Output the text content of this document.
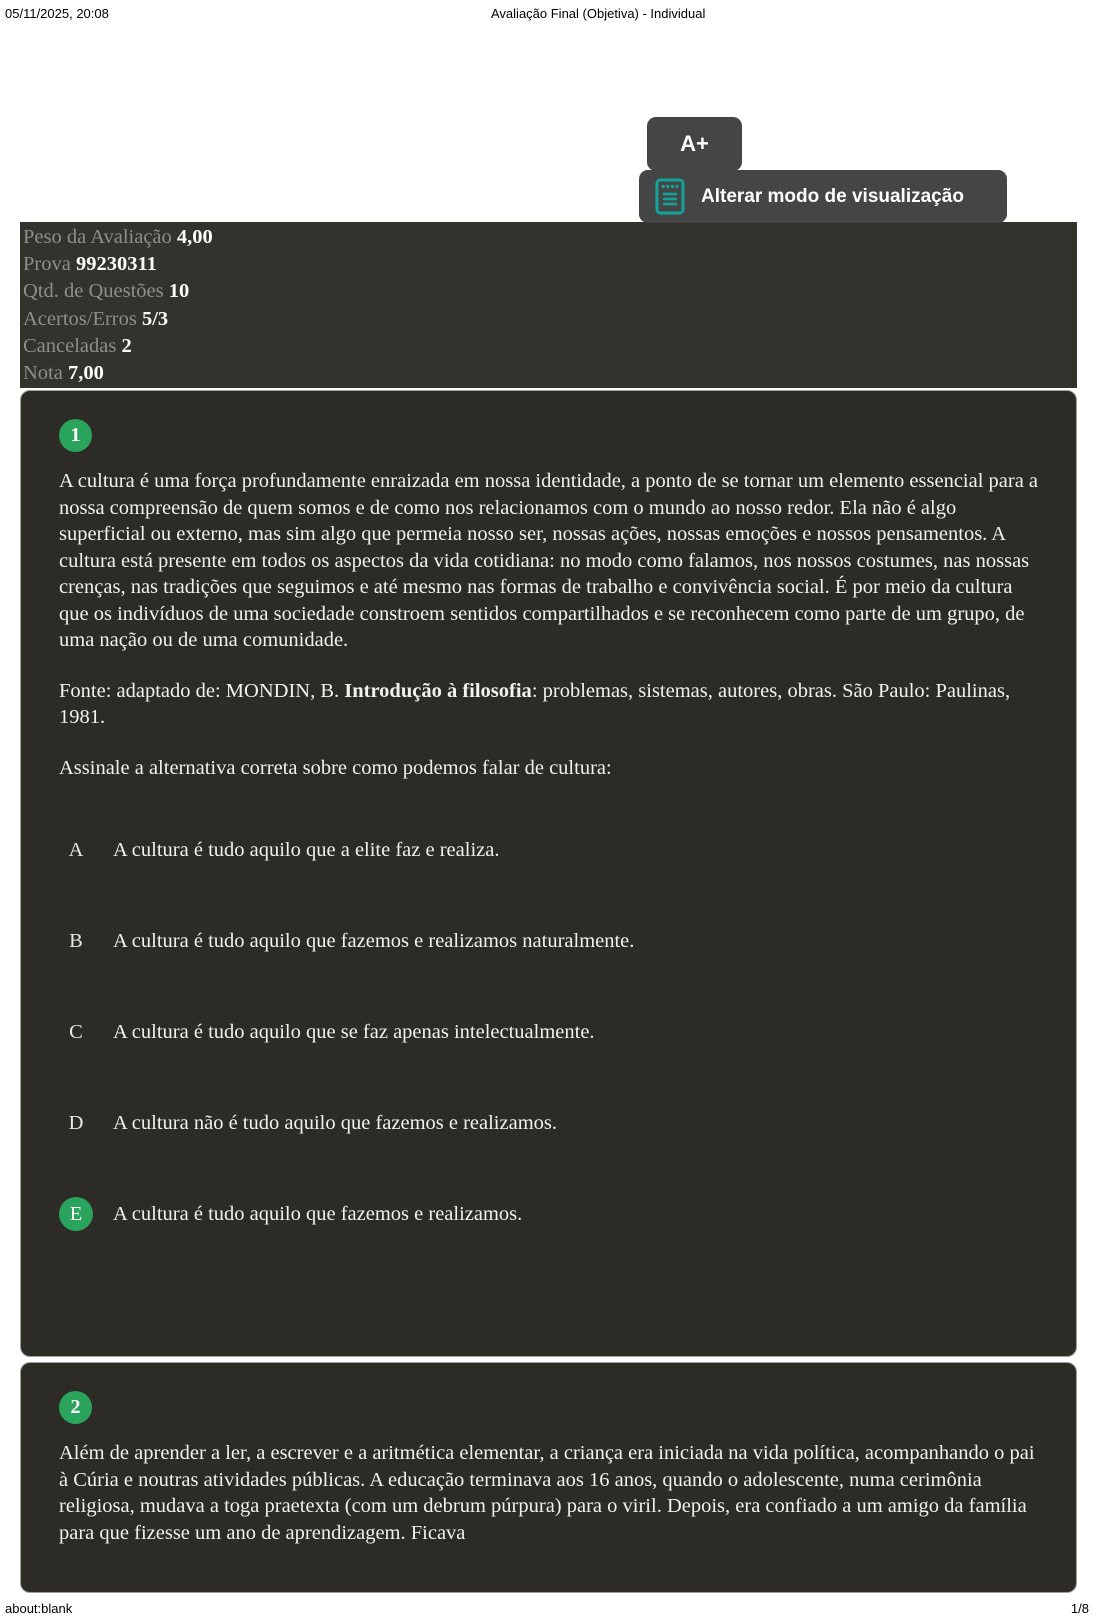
05/11/2025, 20:08	Avaliação Final (Objetiva) - Individual
A+
Alterar modo de visualização
Peso da Avaliação 4,00
Prova 99230311
Qtd. de Questões 10
Acertos/Erros 5/3
Canceladas 2
Nota 7,00
1

A cultura é uma força profundamente enraizada em nossa identidade, a ponto de se tornar um elemento essencial para a nossa compreensão de quem somos e de como nos relacionamos com o mundo ao nosso redor. Ela não é algo superficial ou externo, mas sim algo que permeia nosso ser, nossas ações, nossas emoções e nossos pensamentos. A cultura está presente em todos os aspectos da vida cotidiana: no modo como falamos, nos nossos costumes, nas nossas crenças, nas tradições que seguimos e até mesmo nas formas de trabalho e convivência social. É por meio da cultura que os indivíduos de uma sociedade constroem sentidos compartilhados e se reconhecem como parte de um grupo, de uma nação ou de uma comunidade.

Fonte: adaptado de: MONDIN, B. Introdução à filosofia: problemas, sistemas, autores, obras. São Paulo: Paulinas, 1981.

Assinale a alternativa correta sobre como podemos falar de cultura:

A	A cultura é tudo aquilo que a elite faz e realiza.
B	A cultura é tudo aquilo que fazemos e realizamos naturalmente.
C	A cultura é tudo aquilo que se faz apenas intelectualmente.
D	A cultura não é tudo aquilo que fazemos e realizamos.
E	A cultura é tudo aquilo que fazemos e realizamos.
2

Além de aprender a ler, a escrever e a aritmética elementar, a criança era iniciada na vida política, acompanhando o pai à Cúria e noutras atividades públicas. A educação terminava aos 16 anos, quando o adolescente, numa cerimônia religiosa, mudava a toga praetexta (com um debrum púrpura) para o viril. Depois, era confiado a um amigo da família para que fizesse um ano de aprendizagem. Ficava

about:blank	1/8
